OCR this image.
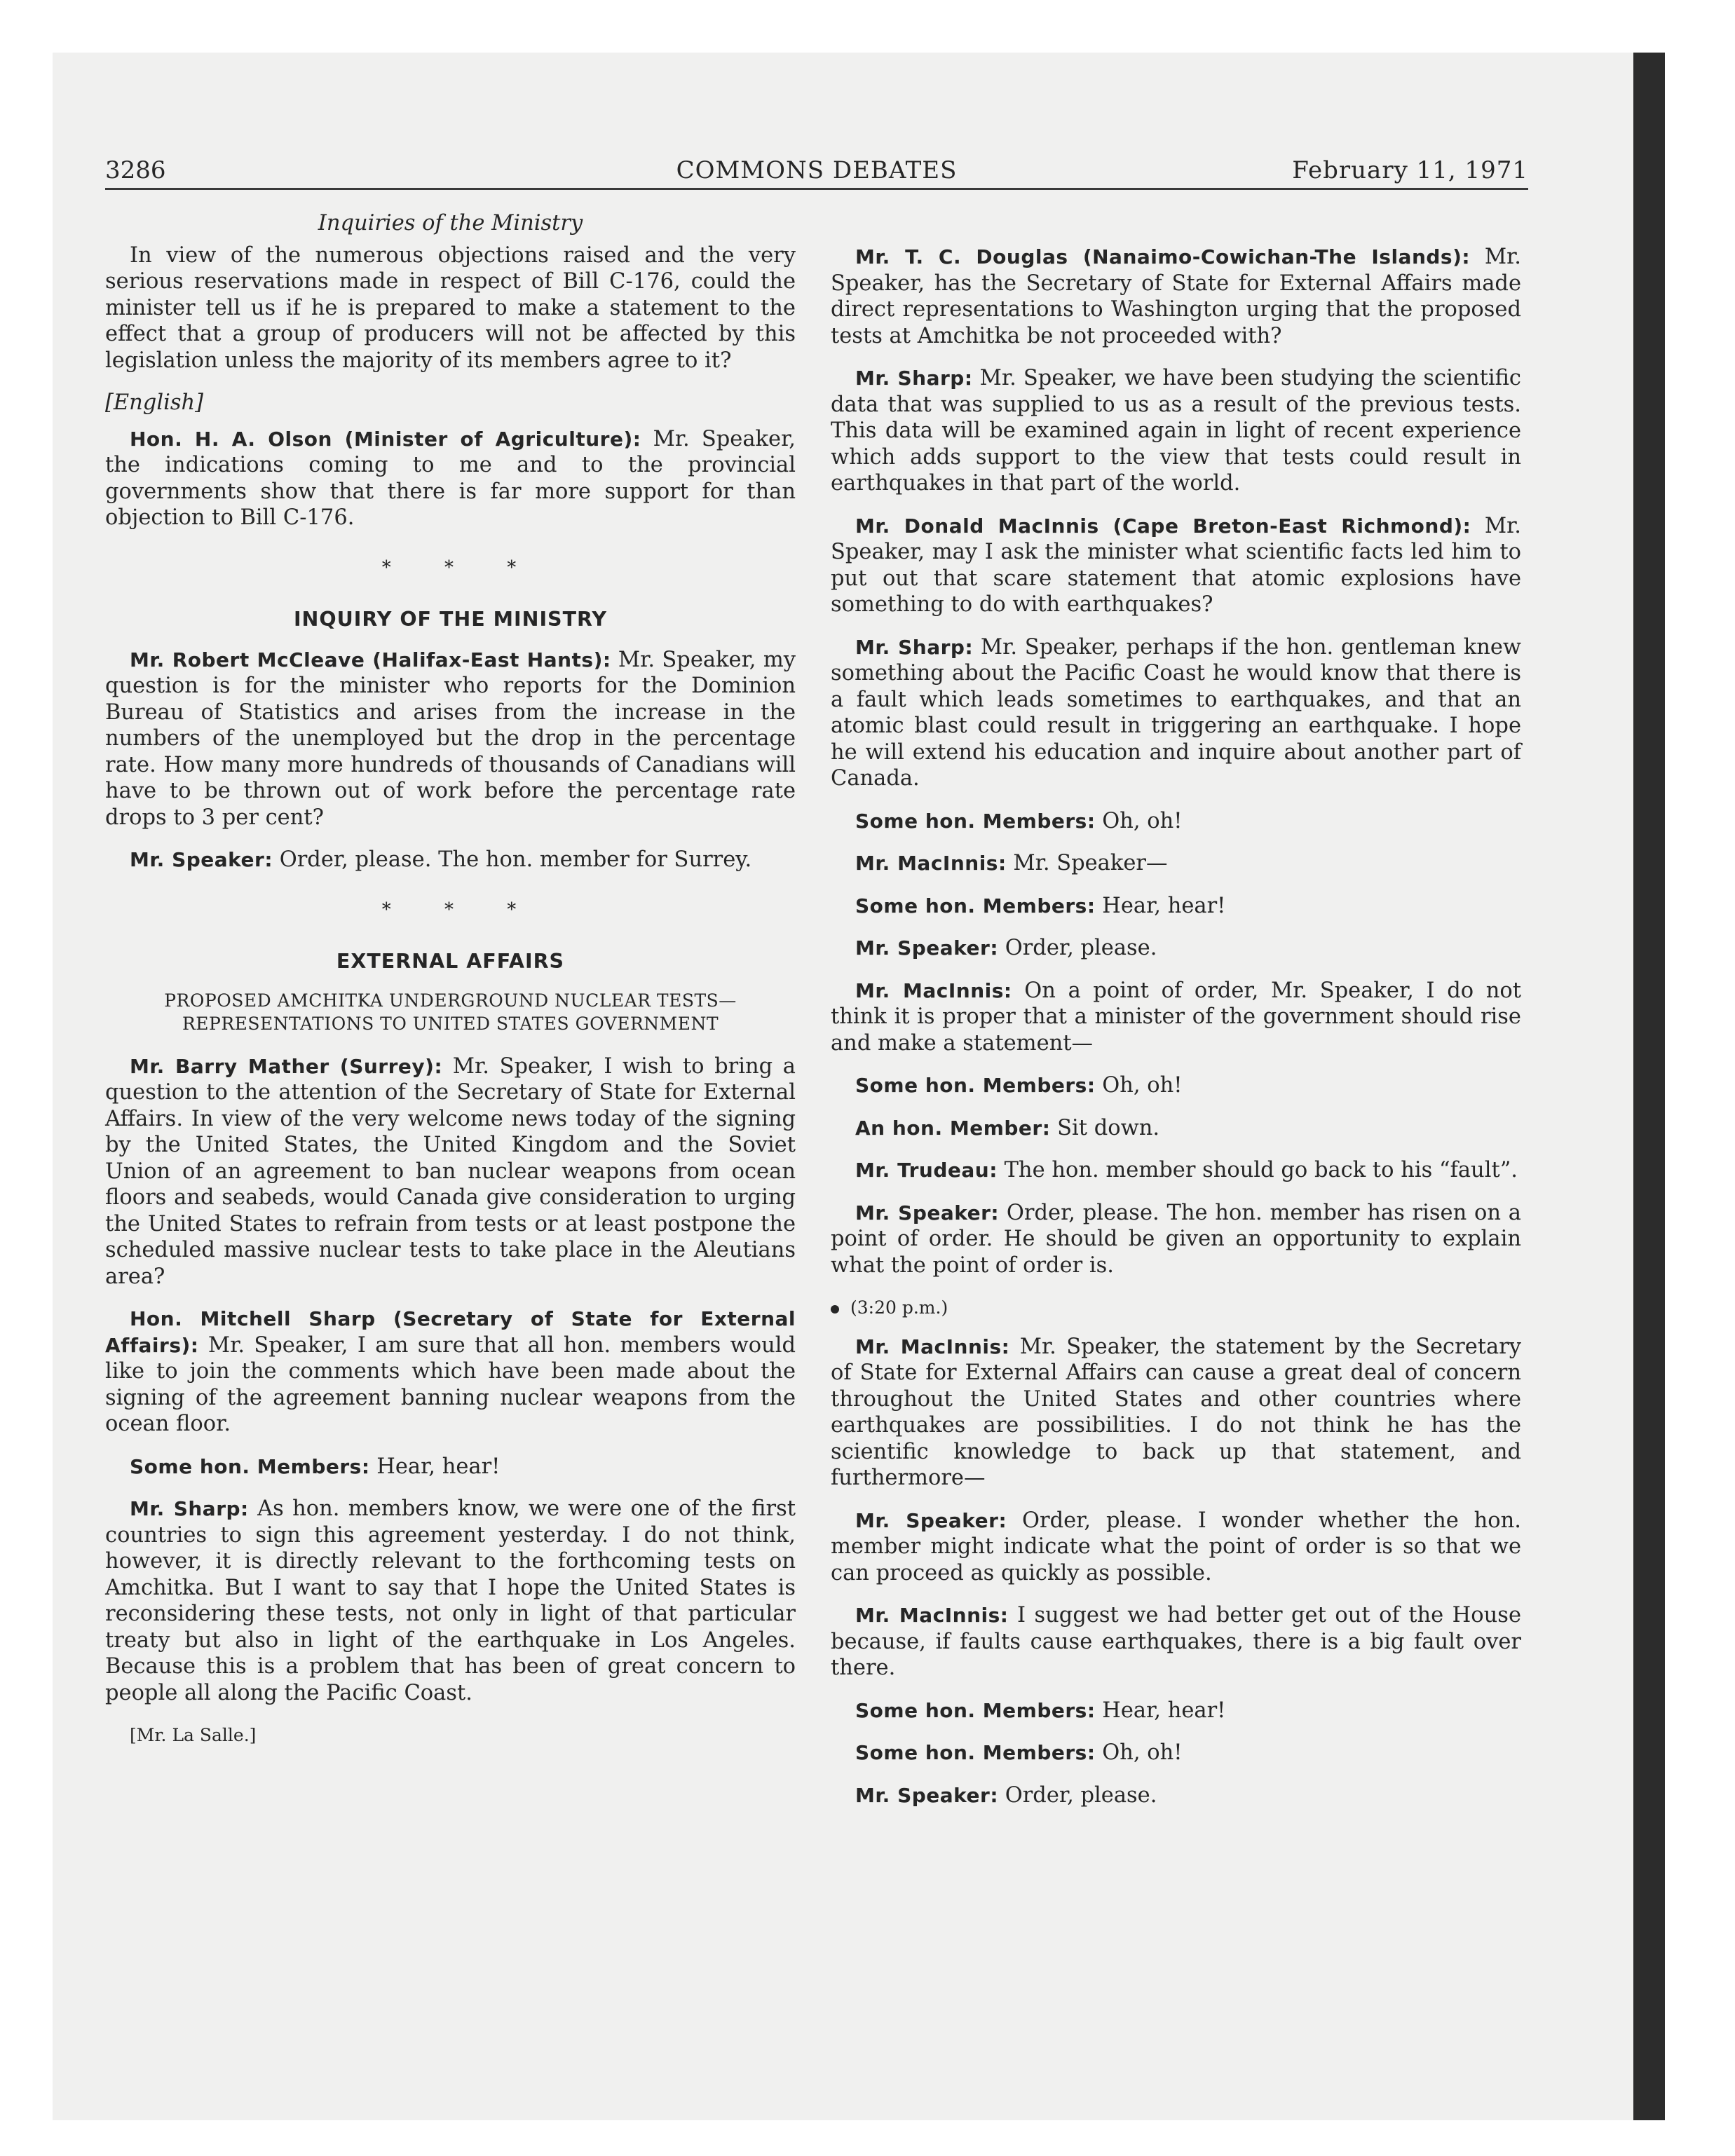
3286	COMMONS DEBATES	February 11, 1971

Inquiries of the Ministry

In view of the numerous objections raised and the very serious reservations made in respect of Bill C-176, could the minister tell us if he is prepared to make a statement to the effect that a group of producers will not be affected by this legislation unless the majority of its members agree to it?

[English]

Hon. H. A. Olson (Minister of Agriculture): Mr. Speaker, the indications coming to me and to the provincial governments show that there is far more support for than objection to Bill C-176.

* * *

INQUIRY OF THE MINISTRY

Mr. Robert McCleave (Halifax-East Hants): Mr. Speaker, my question is for the minister who reports for the Dominion Bureau of Statistics and arises from the increase in the numbers of the unemployed but the drop in the percentage rate. How many more hundreds of thousands of Canadians will have to be thrown out of work before the percentage rate drops to 3 per cent?

Mr. Speaker: Order, please. The hon. member for Surrey.

* * *

EXTERNAL AFFAIRS

PROPOSED AMCHITKA UNDERGROUND NUCLEAR TESTS—
REPRESENTATIONS TO UNITED STATES GOVERNMENT

Mr. Barry Mather (Surrey): Mr. Speaker, I wish to bring a question to the attention of the Secretary of State for External Affairs. In view of the very welcome news today of the signing by the United States, the United Kingdom and the Soviet Union of an agreement to ban nuclear weapons from ocean floors and seabeds, would Canada give consideration to urging the United States to refrain from tests or at least postpone the scheduled massive nuclear tests to take place in the Aleutians area?

Hon. Mitchell Sharp (Secretary of State for External Affairs): Mr. Speaker, I am sure that all hon. members would like to join the comments which have been made about the signing of the agreement banning nuclear weapons from the ocean floor.

Some hon. Members: Hear, hear!

Mr. Sharp: As hon. members know, we were one of the first countries to sign this agreement yesterday. I do not think, however, it is directly relevant to the forthcoming tests on Amchitka. But I want to say that I hope the United States is reconsidering these tests, not only in light of that particular treaty but also in light of the earthquake in Los Angeles. Because this is a problem that has been of great concern to people all along the Pacific Coast.

[Mr. La Salle.]

Mr. T. C. Douglas (Nanaimo-Cowichan-The Islands): Mr. Speaker, has the Secretary of State for External Affairs made direct representations to Washington urging that the proposed tests at Amchitka be not proceeded with?

Mr. Sharp: Mr. Speaker, we have been studying the scientific data that was supplied to us as a result of the previous tests. This data will be examined again in light of recent experience which adds support to the view that tests could result in earthquakes in that part of the world.

Mr. Donald MacInnis (Cape Breton-East Richmond): Mr. Speaker, may I ask the minister what scientific facts led him to put out that scare statement that atomic explosions have something to do with earthquakes?

Mr. Sharp: Mr. Speaker, perhaps if the hon. gentleman knew something about the Pacific Coast he would know that there is a fault which leads sometimes to earthquakes, and that an atomic blast could result in triggering an earthquake. I hope he will extend his education and inquire about another part of Canada.

Some hon. Members: Oh, oh!

Mr. MacInnis: Mr. Speaker—

Some hon. Members: Hear, hear!

Mr. Speaker: Order, please.

Mr. MacInnis: On a point of order, Mr. Speaker, I do not think it is proper that a minister of the government should rise and make a statement—

Some hon. Members: Oh, oh!

An hon. Member: Sit down.

Mr. Trudeau: The hon. member should go back to his “fault”.

Mr. Speaker: Order, please. The hon. member has risen on a point of order. He should be given an opportunity to explain what the point of order is.

(3:20 p.m.)

Mr. MacInnis: Mr. Speaker, the statement by the Secretary of State for External Affairs can cause a great deal of concern throughout the United States and other countries where earthquakes are possibilities. I do not think he has the scientific knowledge to back up that statement, and furthermore—

Mr. Speaker: Order, please. I wonder whether the hon. member might indicate what the point of order is so that we can proceed as quickly as possible.

Mr. MacInnis: I suggest we had better get out of the House because, if faults cause earthquakes, there is a big fault over there.

Some hon. Members: Hear, hear!

Some hon. Members: Oh, oh!

Mr. Speaker: Order, please.
